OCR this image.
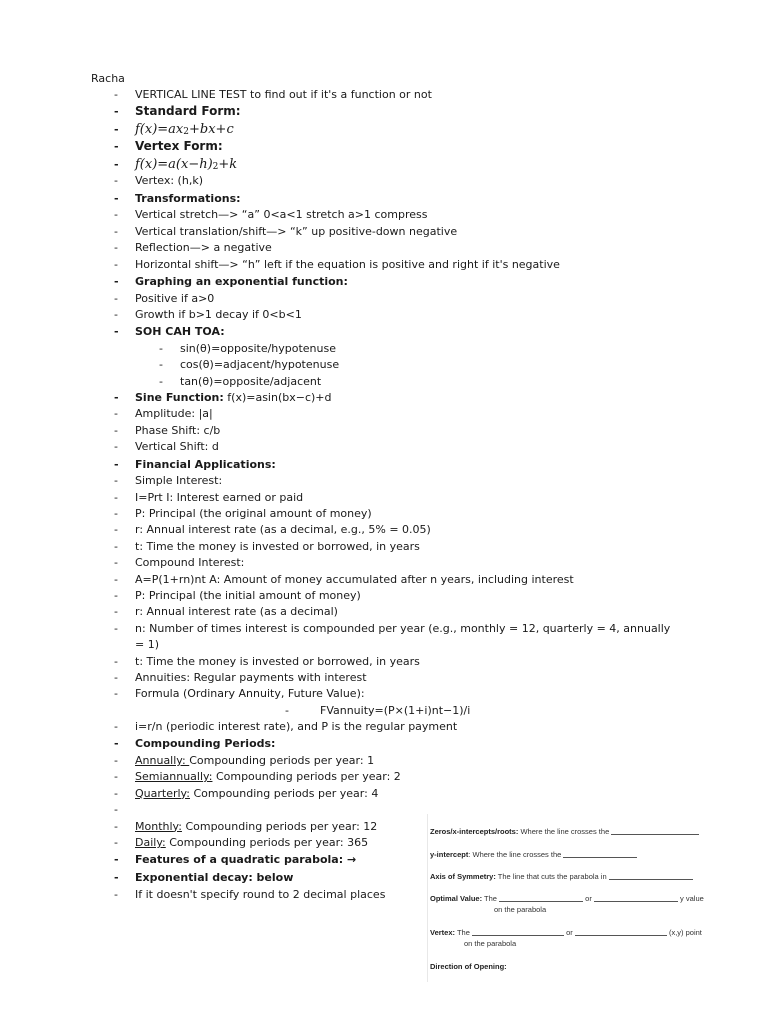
Racha
- VERTICAL LINE TEST to find out if it's a function or not
- Standard Form:
- f(x)=ax2+bx+c
- Vertex Form:
- f(x)=a(x−h)2+k
- Vertex: (h,k)
- Transformations:
- Vertical stretch—> “a” 0<a<1 stretch a>1 compress
- Vertical translation/shift—> “k” up positive-down negative
- Reflection—> a negative
- Horizontal shift—> “h” left if the equation is positive and right if it's negative
- Graphing an exponential function:
- Positive if a>0
- Growth if b>1 decay if 0<b<1
- SOH CAH TOA:
- sin(θ)=opposite/hypotenuse
- cos(θ)=adjacent/hypotenuse
- tan(θ)=opposite/adjacent
- Sine Function: f(x)=asin(bx−c)+d
- Amplitude: |a|
- Phase Shift: c/b
- Vertical Shift: d
- Financial Applications:
- Simple Interest:
- I=Prt I: Interest earned or paid
- P: Principal (the original amount of money)
- r: Annual interest rate (as a decimal, e.g., 5% = 0.05)
- t: Time the money is invested or borrowed, in years
- Compound Interest:
- A=P(1+rn)nt A: Amount of money accumulated after n years, including interest
- P: Principal (the initial amount of money)
- r: Annual interest rate (as a decimal)
- n: Number of times interest is compounded per year (e.g., monthly = 12, quarterly = 4, annually
= 1)
- t: Time the money is invested or borrowed, in years
- Annuities: Regular payments with interest
- Formula (Ordinary Annuity, Future Value):
-	FVannuity=(P×(1+i)nt−1)/i
- i=r/n (periodic interest rate), and P is the regular payment
- Compounding Periods:
- Annually: Compounding periods per year: 1
- Semiannually: Compounding periods per year: 2
- Quarterly: Compounding periods per year: 4
-
- Monthly: Compounding periods per year: 12
- Daily: Compounding periods per year: 365
- Features of a quadratic parabola: →
- Exponential decay: below
- If it doesn't specify round to 2 decimal places
Zeros/x-intercepts/roots: Where the line crosses the
y-intercept: Where the line crosses the
Axis of Symmetry: The line that cuts the parabola in
Optimal Value: The	or	y value
on the parabola
Vertex: The	or	(x,y) point
on the parabola
Direction of Opening:
